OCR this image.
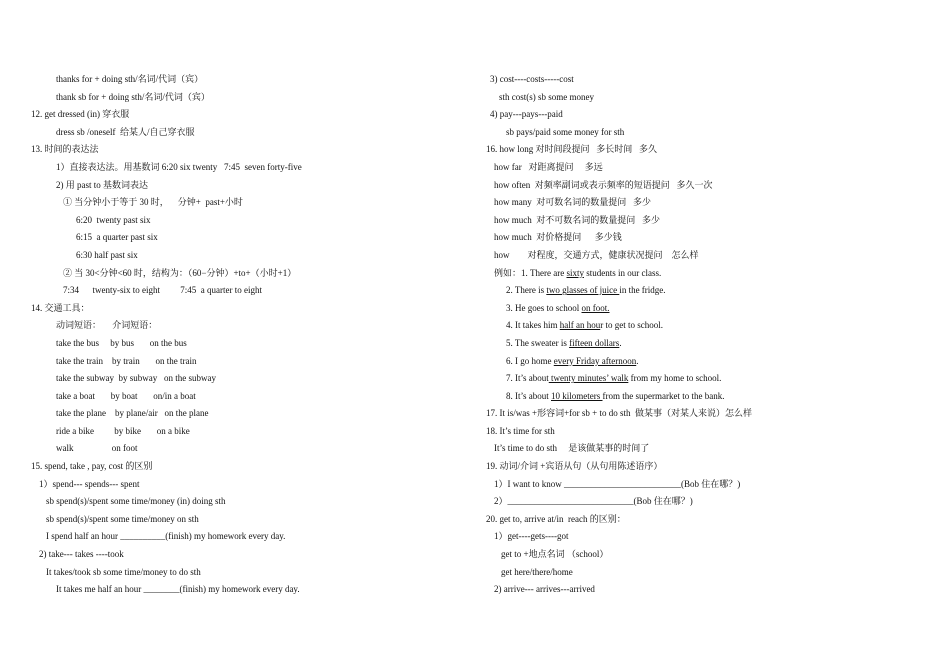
thanks for + doing sth/名词/代词（宾）
thank sb for + doing sth/名词/代词（宾）
12. get dressed (in) 穿衣服
dress sb /oneself  给某人/自己穿衣服
13. 时间的表达法
1）直接表达法。用基数词 6:20 six twenty   7:45  seven forty-five
2) 用 past to 基数词表达
① 当分钟小于等于 30 时，    分钟+  past+小时
6:20  twenty past six
6:15  a quarter past six
6:30 half past six
② 当 30<分钟<60 时，结构为：（60−分钟）+to+（小时+1）
7:34      twenty-six to eight         7:45  a quarter to eight
14. 交通工具：
动词短语：     介词短语：
take the bus     by bus       on the bus
take the train    by train       on the train
take the subway  by subway   on the subway
take a boat       by boat       on/in a boat
take the plane    by plane/air   on the plane
ride a bike         by bike       on a bike
walk                 on foot
15. spend, take , pay, cost 的区别
1）spend--- spends--- spent
sb spend(s)/spent some time/money (in) doing sth
sb spend(s)/spent some time/money on sth
I spend half an hour __________(finish) my homework every day.
2) take--- takes ----took
It takes/took sb some time/money to do sth
It takes me half an hour ________(finish) my homework every day.
3) cost----costs-----cost
sth cost(s) sb some money
4) pay---pays---paid
sb pays/paid some money for sth
16. how long 对时间段提问   多长时间   多久
how far   对距离提问     多远
how often  对频率副词或表示频率的短语提问   多久一次
how many  对可数名词的数量提问   多少
how much  对不可数名词的数量提问   多少
how much  对价格提问      多少钱
how        对程度，交通方式，健康状况提问    怎么样
例如：1. There are sixty students in our class.
2. There is two glasses of juice in the fridge.
3. He goes to school on foot.
4. It takes him half an hour to get to school.
5. The sweater is fifteen dollars.
6. I go home every Friday afternoon.
7. It’s about twenty minutes’ walk from my home to school.
8. It’s about 10 kilometers from the supermarket to the bank.
17. It is/was +形容词+for sb + to do sth  做某事（对某人来说）怎么样
18. It’s time for sth
It’s time to do sth     是该做某事的时间了
19. 动词/介词 +宾语从句（从句用陈述语序）
1）I want to know __________________________(Bob 住在哪？)
2）____________________________(Bob 住在哪？)
20. get to, arrive at/in  reach 的区别：
1）get----gets----got
get to +地点名词 （school）
get here/there/home
2) arrive--- arrives---arrived
